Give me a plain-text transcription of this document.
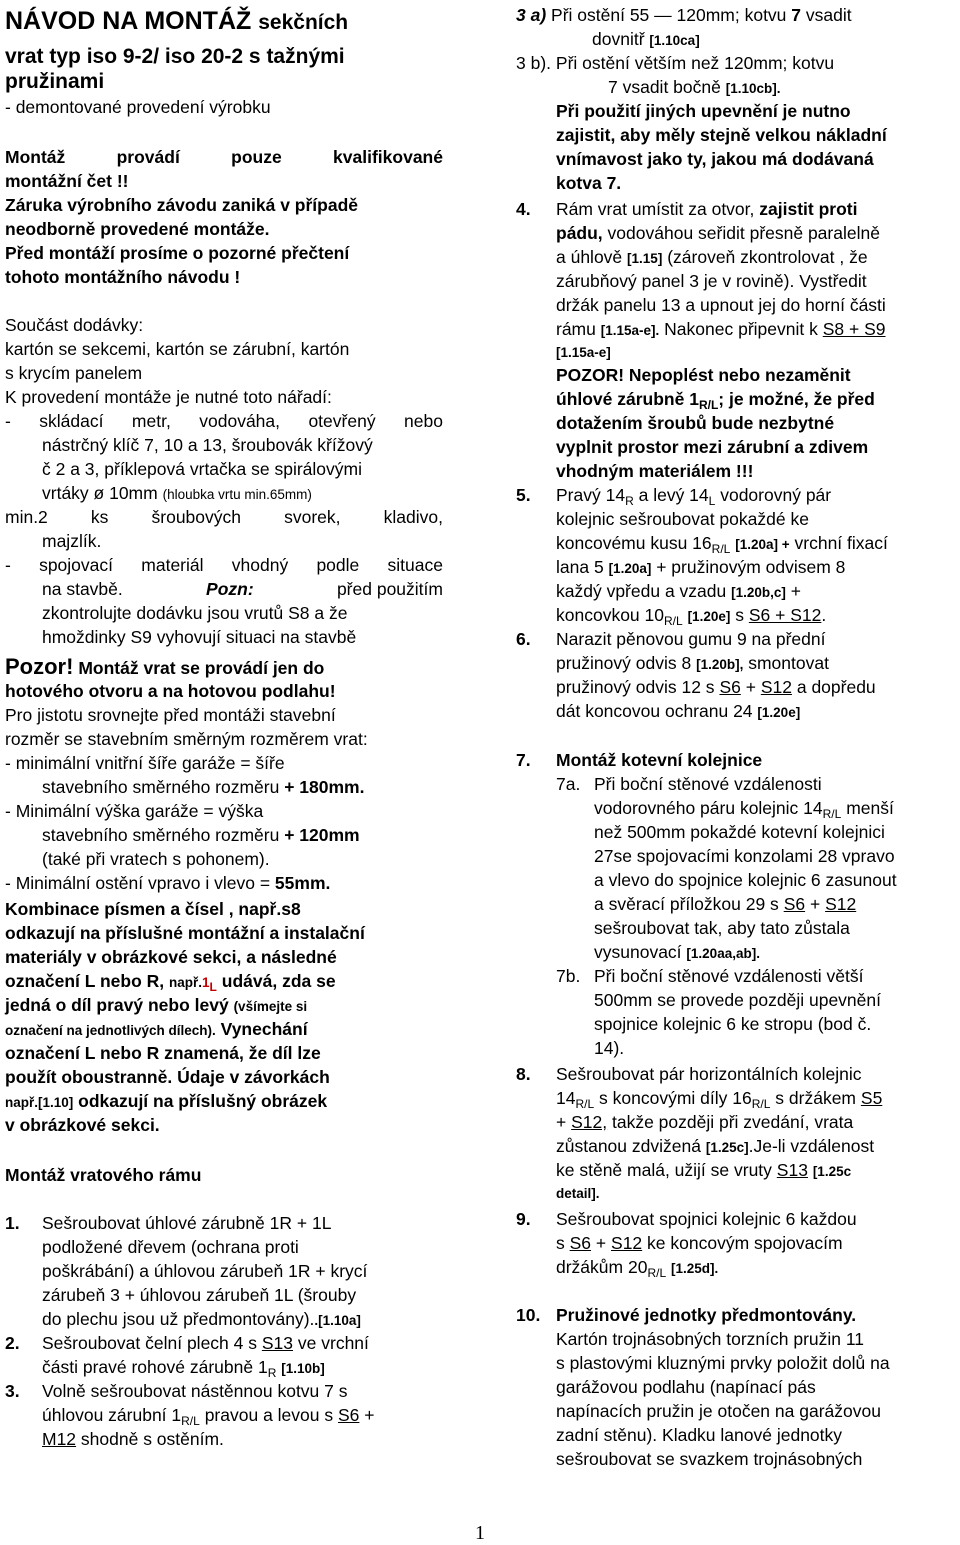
NÁVOD NA MONTÁŽ sekčních
vrat typ iso 9-2/ iso 20-2 s tažnými
pružinami
- demontované provedení výrobku
Montáž	provádí	pouze	kvalifikované
montážní čet !!
Záruka výrobního závodu zaniká v případě
neodborně provedené montáže.
Před montáží prosíme o pozorné přečtení
tohoto montážního návodu !
Součást dodávky:
kartón se sekcemi, kartón se zárubní, kartón
s krycím panelem
K provedení montáže je nutné toto nářadí:
- skládací metr, vodováha, otevřený nebo
nástrčný klíč 7, 10 a 13, šroubovák křížový
č 2 a 3, příklepová vrtačka se spirálovými
vrtáky ø 10mm (hloubka vrtu min.65mm)
min.2 ks šroubových svorek, kladivo,
majzlík.
- spojovací materiál vhodný podle situace
na stavbě.	Pozn:	před použitím
zkontrolujte dodávku jsou vrutů S8 a že
hmoždinky S9 vyhovují situaci na stavbě
Pozor! Montáž vrat se provádí jen do
hotového otvoru a na hotovou podlahu!
Pro jistotu srovnejte před montáži stavební
rozměr se stavebním směrným rozměrem vrat:
- minimální vnitřní šíře garáže = šíře
stavebního směrného rozměru + 180mm.
- Minimální výška garáže = výška
stavebního směrného rozměru + 120mm
(také při vratech s pohonem).
- Minimální ostění vpravo i vlevo = 55mm.
Kombinace písmen a čísel , např.s8
odkazují na příslušné montážní a instalační
materiály v obrázkové sekci, a následné
označení L nebo R, $např.1_L$ udává, zda se
jedná o díl pravý nebo levý (všímejte si
označení na jednotlivých dílech). Vynechání
označení L nebo R znamená, že díl lze
použít oboustranně. Údaje v závorkách
např.[1.10] odkazují na příslušný obrázek
v obrázkové sekci.
Montáž vratového rámu
1.	Sešroubovat úhlové zárubně 1R + 1L
podložené dřevem (ochrana proti
poškrábání) a úhlovou zárubeň 1R + krycí
zárubeň 3 + úhlovou zárubeň 1L (šrouby
do plechu jsou už předmontovány)..[1.10a]
2.	Sešroubovat čelní plech 4 s S13 ve vrchní
části pravé rohové zárubně $1_R$ [1.10b]
3.	Volně sešroubovat nástěnnou kotvu 7 s
úhlovou zárubní $1_{R/L}$ pravou a levou s S6 +
M12 shodně s ostěním.
3 a) Při ostění 55 — 120mm; kotvu 7 vsadit
dovnitř [1.10ca]
3 b). Při ostění větším než 120mm; kotvu
7 vsadit bočně [1.10cb].
Při použití jiných upevnění je nutno
zajistit, aby měly stejně velkou nákladní
vnímavost jako ty, jakou má dodávaná
kotva 7.
4.	Rám vrat umístit za otvor, zajistit proti
pádu, vodováhou seřidit přesně paralelně
a úhlově [1.15] (zároveň zkontrolovat , že
zárubňový panel 3 je v rovině). Vystředit
držák panelu 13 a upnout jej do horní části
rámu [1.15a-e]. Nakonec připevnit k S8 + S9
[1.15a-e]
POZOR! Nepoplést nebo nezaměnit
úhlové zárubně $1_{R/L}$; je možné, že před
dotažením šroubů bude nezbytné
vyplnit prostor mezi zárubní a zdivem
vhodným materiálem !!!
5.	Pravý $14_R$ a levý $14_L$ vodorovný pár
kolejnic sešroubovat pokaždé ke
koncovému kusu $16_{R/L}$ [1.20a] + vrchní fixací
lana 5 [1.20a] + pružinovým odvisem 8
každý vpředu a vzadu [1.20b,c] +
koncovkou $10_{R/L}$ [1.20e] s S6 + S12.
6.	Narazit pěnovou gumu 9 na přední
pružinový odvis 8 [1.20b], smontovat
pružinový odvis 12 s S6 + S12 a dopředu
dát koncovou ochranu 24 [1.20e]
7.	Montáž kotevní kolejnice
7a. Při boční stěnové vzdálenosti
vodorovného páru kolejnic $14_{R/L}$ menší
než 500mm pokaždé kotevní kolejnici
27se spojovacími konzolami 28 vpravo
a vlevo do spojnice kolejnic 6 zasunout
a svěrací příložkou 29 s S6 + S12
sešroubovat tak, aby tato zůstala
vysunovací [1.20aa,ab].
7b. Při boční stěnové vzdálenosti větší
500mm se provede později upevnění
spojnice kolejnic 6 ke stropu (bod č.
14).
8.	Sešroubovat pár horizontálních kolejnic
$14_{R/L}$ s koncovými díly $16_{R/L}$ s držákem S5
+ S12, takže později při zvedání, vrata
zůstanou zdvižená [1.25c].Je-li vzdálenost
ke stěně malá, užijí se vruty S13 [1.25c
detail].
9.	Sešroubovat spojnici kolejnic 6 každou
s S6 + S12 ke koncovým spojovacím
držákům $20_{R/L}$ [1.25d].
10. Pružinové jednotky předmontovány.
Kartón trojnásobných torzních pružin 11
s plastovými kluznými prvky položit dolů na
garážovou podlahu (napínací pás
napínacích pružin je otočen na garážovou
zadní stěnu). Kladku lanové jednotky
sešroubovat se svazkem trojnásobných
1
